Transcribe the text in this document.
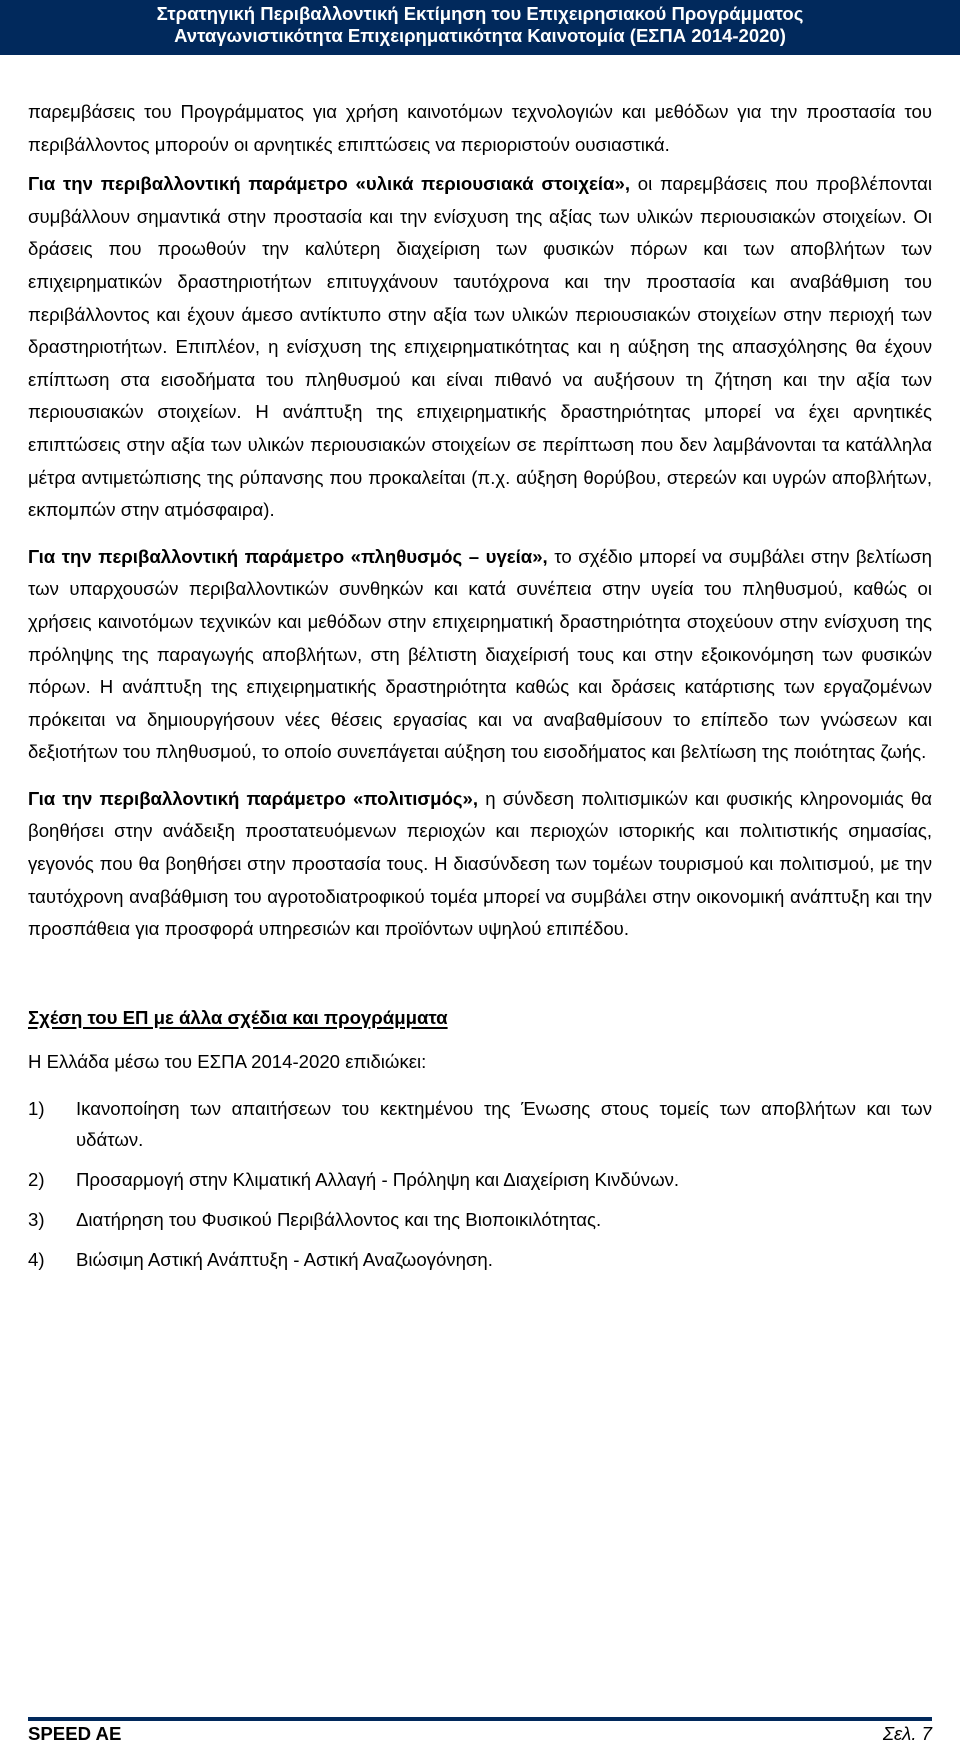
Στρατηγική Περιβαλλοντική Εκτίμηση του Επιχειρησιακού Προγράμματος
Ανταγωνιστικότητα Επιχειρηματικότητα Καινοτομία (ΕΣΠΑ 2014-2020)

παρεμβάσεις του Προγράμματος για χρήση καινοτόμων τεχνολογιών και μεθόδων για την προστασία του περιβάλλοντος μπορούν οι αρνητικές επιπτώσεις να περιοριστούν ουσιαστικά.

Για την περιβαλλοντική παράμετρο «υλικά περιουσιακά στοιχεία», οι παρεμβάσεις που προβλέπονται συμβάλλουν σημαντικά στην προστασία και την ενίσχυση της αξίας των υλικών περιουσιακών στοιχείων. Οι δράσεις που προωθούν την καλύτερη διαχείριση των φυσικών πόρων και των αποβλήτων των επιχειρηματικών δραστηριοτήτων επιτυγχάνουν ταυτόχρονα και την προστασία και αναβάθμιση του περιβάλλοντος και έχουν άμεσο αντίκτυπο στην αξία των υλικών περιουσιακών στοιχείων στην περιοχή των δραστηριοτήτων. Επιπλέον, η ενίσχυση της επιχειρηματικότητας και η αύξηση της απασχόλησης θα έχουν επίπτωση στα εισοδήματα του πληθυσμού και είναι πιθανό να αυξήσουν τη ζήτηση και την αξία των περιουσιακών στοιχείων. Η ανάπτυξη της επιχειρηματικής δραστηριότητας μπορεί να έχει αρνητικές επιπτώσεις στην αξία των υλικών περιουσιακών στοιχείων σε περίπτωση που δεν λαμβάνονται τα κατάλληλα μέτρα αντιμετώπισης της ρύπανσης που προκαλείται (π.χ. αύξηση θορύβου, στερεών και υγρών αποβλήτων, εκπομπών στην ατμόσφαιρα).

Για την περιβαλλοντική παράμετρο «πληθυσμός – υγεία», το σχέδιο μπορεί να συμβάλει στην βελτίωση των υπαρχουσών περιβαλλοντικών συνθηκών και κατά συνέπεια στην υγεία του πληθυσμού, καθώς οι χρήσεις καινοτόμων τεχνικών και μεθόδων στην επιχειρηματική δραστηριότητα στοχεύουν στην ενίσχυση της πρόληψης της παραγωγής αποβλήτων, στη βέλτιστη διαχείρισή τους και στην εξοικονόμηση των φυσικών πόρων. Η ανάπτυξη της επιχειρηματικής δραστηριότητα καθώς και δράσεις κατάρτισης των εργαζομένων πρόκειται να δημιουργήσουν νέες θέσεις εργασίας και να αναβαθμίσουν το επίπεδο των γνώσεων και δεξιοτήτων του πληθυσμού, το οποίο συνεπάγεται αύξηση του εισοδήματος και βελτίωση της ποιότητας ζωής.

Για την περιβαλλοντική παράμετρο «πολιτισμός», η σύνδεση πολιτισμικών και φυσικής κληρονομιάς θα βοηθήσει στην ανάδειξη προστατευόμενων περιοχών και περιοχών ιστορικής και πολιτιστικής σημασίας, γεγονός που θα βοηθήσει στην προστασία τους. Η διασύνδεση των τομέων τουρισμού και πολιτισμού, με την ταυτόχρονη αναβάθμιση του αγροτοδιατροφικού τομέα μπορεί να συμβάλει στην οικονομική ανάπτυξη και την προσπάθεια για προσφορά υπηρεσιών και προϊόντων υψηλού επιπέδου.

Σχέση του ΕΠ με άλλα σχέδια και προγράμματα

Η Ελλάδα μέσω του ΕΣΠΑ 2014-2020 επιδιώκει:

1)	Ικανοποίηση των απαιτήσεων του κεκτημένου της Ένωσης στους τομείς των αποβλήτων και των υδάτων.
2)	Προσαρμογή στην Κλιματική Αλλαγή - Πρόληψη και Διαχείριση Κινδύνων.
3)	Διατήρηση του Φυσικού Περιβάλλοντος και της Βιοποικιλότητας.
4)	Βιώσιμη Αστική Ανάπτυξη - Αστική Αναζωογόνηση.
SPEED AE	Σελ. 7
